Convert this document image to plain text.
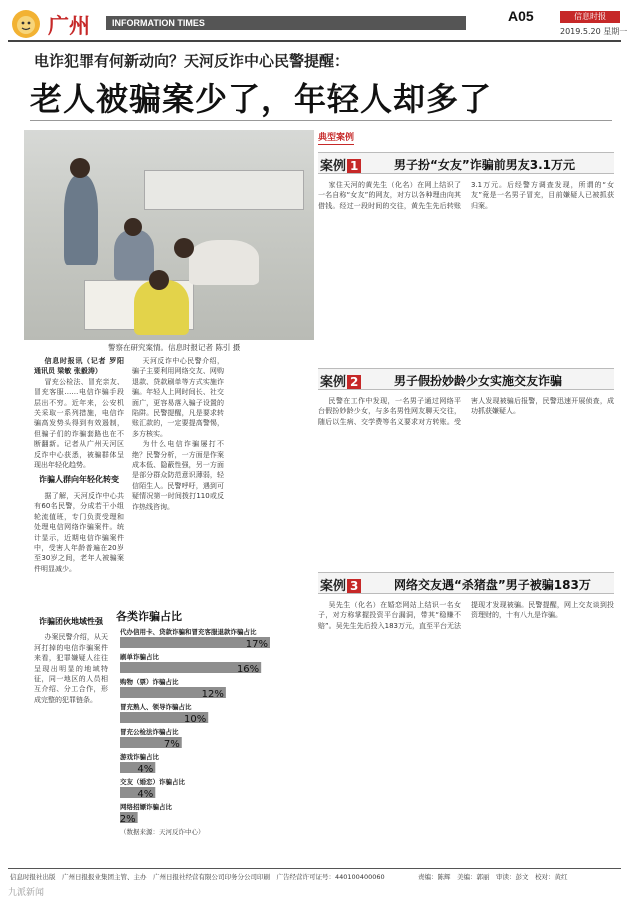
广州	INFORMATION TIMES	A05	信息时报
2019.5.20 星期一
电诈犯罪有何新动向？天河反诈中心民警提醒：
老人被骗案少了，年轻人却多了
警察在研究案情。信息时报记者 陈引 摄

信息时报讯（记者 罗阳 通讯员 梁敏 张毅涛）

冒充公检法、冒充亲友、冒充客服……电信诈骗手段层出不穷。近年来，公安机关采取一系列措施，电信诈骗高发势头得到有效遏制，但骗子们的诈骗套路也在不断翻新。记者从广州天河区反诈中心获悉，被骗群体呈现出年轻化趋势。

诈骗人群向年轻化转变

据了解，天河反诈中心共有60名民警，分成若干小组轮流值班，专门负责受理和处理电信网络诈骗案件。统计显示，近期电信诈骗案件中，受害人年龄普遍在20岁至30岁之间，老年人被骗案件明显减少。

天河反诈中心民警介绍，骗子主要利用网络交友、网购退款、贷款刷单等方式实施诈骗。年轻人上网时间长、社交面广，更容易落入骗子设置的陷阱。民警提醒，凡是要求转账汇款的，一定要提高警惕，多方核实。

为什么电信诈骗屡打不绝？民警分析，一方面是作案成本低、隐蔽性强，另一方面是部分群众防范意识薄弱，轻信陌生人。民警呼吁，遇到可疑情况第一时间拨打110或反诈热线咨询。

诈骗团伙地域性强

办案民警介绍，从天河打掉的电信诈骗案件来看，犯罪嫌疑人往往呈现出明显的地域特征，同一地区的人员相互介绍、分工合作，形成完整的犯罪链条。

各类诈骗占比
代办信用卡、贷款诈骗和冒充客服退款诈骗占比
17%
刷单诈骗占比
16%
购物（票）诈骗占比
12%
冒充熟人、领导诈骗占比
10%
冒充公检法诈骗占比
7%
游戏诈骗占比
4%
交友（婚恋）诈骗占比
4%
网络招嫖诈骗占比
2%
（数据来源：天河反诈中心）
典型案例
案例 1	男子扮“女友”诈骗前男友3.1万元

家住天河的黄先生（化名）在网上结识了一名自称“女友”的网友，对方以各种理由向其借钱。经过一段时间的交往，黄先生先后转账3.1万元。后经警方调查发现，所谓的“女友”竟是一名男子冒充，目前嫌疑人已被抓获归案。

案例 2	男子假扮妙龄少女实施交友诈骗

民警在工作中发现，一名男子通过网络平台假扮妙龄少女，与多名男性网友聊天交往，随后以生病、交学费等名义要求对方转账。受害人发现被骗后报警，民警迅速开展侦查，成功抓获嫌疑人。

案例 3	网络交友遇“杀猪盘”男子被骗183万

吴先生（化名）在婚恋网站上结识一名女子，对方称掌握投资平台漏洞，带其“稳赚不赔”。吴先生先后投入183万元，直至平台无法提现才发现被骗。民警提醒，网上交友谈到投资理财的，十有八九是诈骗。

信息时报社出版　广州日报报业集团主管、主办　广州日报社经营有限公司印务分公司印刷　广告经营许可证号：440100400060	责编：陈辉　美编：郭丽　审读：彭文　校对：黄红
九派新闻
